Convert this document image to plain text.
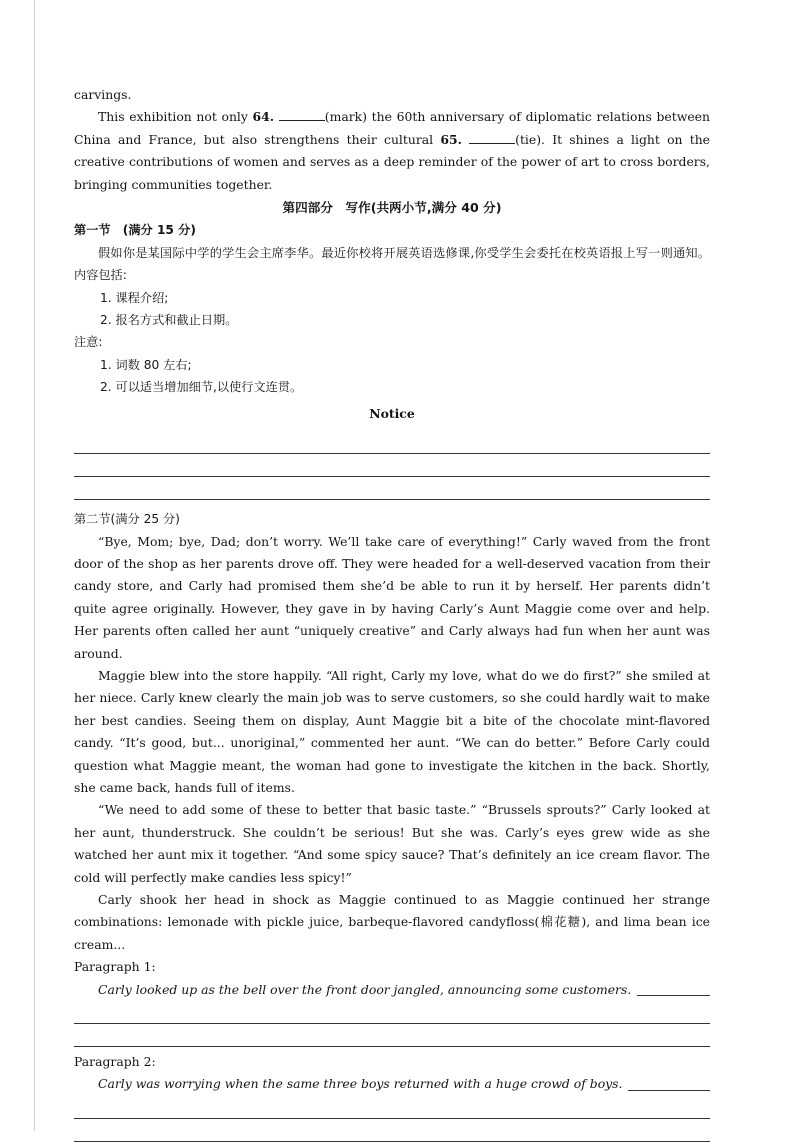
carvings.

This exhibition not only 64.	(mark) the 60th anniversary of diplomatic relations between China and France, but also strengthens their cultural 65.	(tie). It shines a light on the creative contributions of women and serves as a deep reminder of the power of art to cross borders, bringing communities together.

第四部分　写作(共两小节,满分 40 分)
第一节　(满分 15 分)

假如你是某国际中学的学生会主席李华。最近你校将开展英语选修课,你受学生会委托在校英语报上写一则通知。内容包括:

1. 课程介绍;
2. 报名方式和截止日期。
注意:
1. 词数 80 左右;
2. 可以适当增加细节,以使行文连贯。
Notice
第二节(满分 25 分)

“Bye, Mom; bye, Dad; don’t worry. We’ll take care of everything!” Carly waved from the front door of the shop as her parents drove off. They were headed for a well-deserved vacation from their candy store, and Carly had promised them she’d be able to run it by herself. Her parents didn’t quite agree originally. However, they gave in by having Carly’s Aunt Maggie come over and help. Her parents often called her aunt “uniquely creative” and Carly always had fun when her aunt was around.

Maggie blew into the store happily. “All right, Carly my love, what do we do first?” she smiled at her niece. Carly knew clearly the main job was to serve customers, so she could hardly wait to make her best candies. Seeing them on display, Aunt Maggie bit a bite of the chocolate mint-flavored candy. “It’s good, but... unoriginal,” commented her aunt. “We can do better.” Before Carly could question what Maggie meant, the woman had gone to investigate the kitchen in the back. Shortly, she came back, hands full of items.

“We need to add some of these to better that basic taste.” “Brussels sprouts?” Carly looked at her aunt, thunderstruck. She couldn’t be serious! But she was. Carly’s eyes grew wide as she watched her aunt mix it together. “And some spicy sauce? That’s definitely an ice cream flavor. The cold will perfectly make candies less spicy!”

Carly shook her head in shock as Maggie continued to as Maggie continued her strange combinations: lemonade with pickle juice, barbeque-flavored candyfloss(棉花糖), and lima bean ice cream...

Paragraph 1:
Carly looked up as the bell over the front door jangled, announcing some customers.
Paragraph 2:
Carly was worrying when the same three boys returned with a huge crowd of boys.
